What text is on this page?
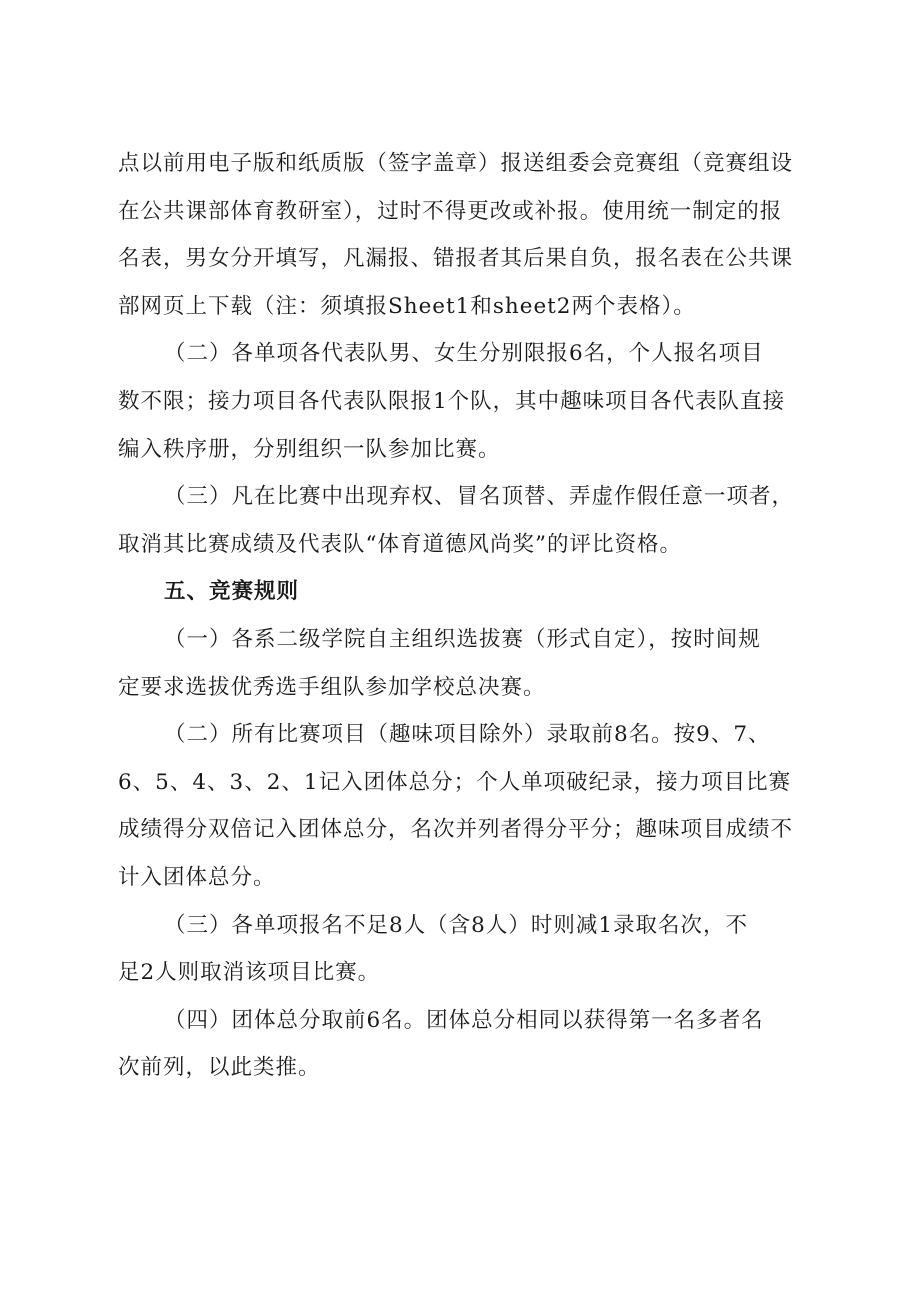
点以前用电子版和纸质版（签字盖章）报送组委会竞赛组（竞赛组设
在公共课部体育教研室），过时不得更改或补报。使用统一制定的报
名表，男女分开填写，凡漏报、错报者其后果自负，报名表在公共课
部网页上下载（注：须填报Sheet1和sheet2两个表格）。
（二）各单项各代表队男、女生分别限报6名，个人报名项目
数不限；接力项目各代表队限报1个队，其中趣味项目各代表队直接
编入秩序册，分别组织一队参加比赛。
（三）凡在比赛中出现弃权、冒名顶替、弄虚作假任意一项者，
取消其比赛成绩及代表队“体育道德风尚奖”的评比资格。
五、竞赛规则
（一）各系二级学院自主组织选拔赛（形式自定），按时间规
定要求选拔优秀选手组队参加学校总决赛。
（二）所有比赛项目（趣味项目除外）录取前8名。按9、7、
6、5、4、3、2、1记入团体总分；个人单项破纪录，接力项目比赛
成绩得分双倍记入团体总分，名次并列者得分平分；趣味项目成绩不
计入团体总分。
（三）各单项报名不足8人（含8人）时则减1录取名次，不
足2人则取消该项目比赛。
（四）团体总分取前6名。团体总分相同以获得第一名多者名
次前列，以此类推。
